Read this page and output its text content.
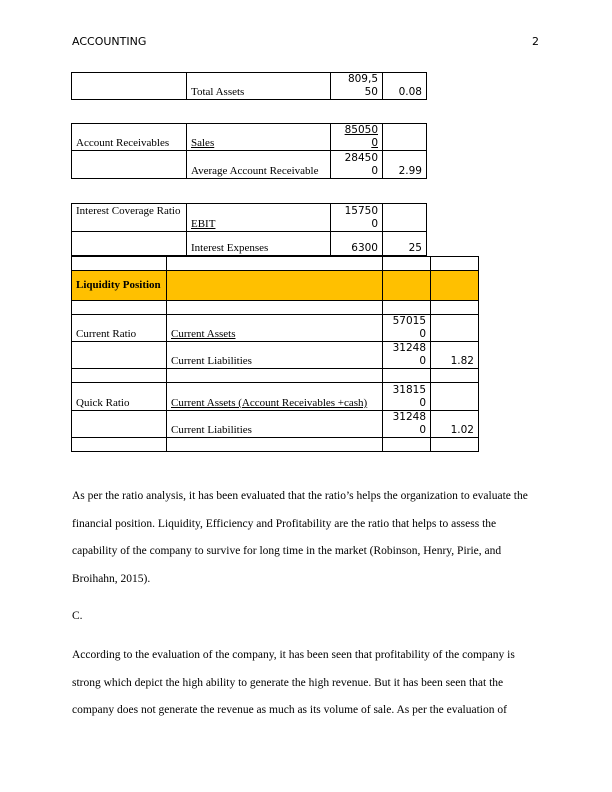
ACCOUNTING	2
	Total Assets	809,5
50	0.08
Account Receivables	Sales	85050
0	
	Average Account Receivable	28450
0	2.99
Interest Coverage Ratio	EBIT	15750
0	
	Interest Expenses	6300	25

Liquidity Position			

Current Ratio	Current Assets	57015
0	
	Current Liabilities	31248
0	1.82

Quick Ratio	Current Assets (Account Receivables +cash)	31815
0	
	Current Liabilities	31248
0	1.02

As per the ratio analysis, it has been evaluated that the ratio’s helps the organization to evaluate the financial position. Liquidity, Efficiency and Profitability are the ratio that helps to assess the capability of the company to survive for long time in the market (Robinson, Henry, Pirie, and Broihahn, 2015).
C.
According to the evaluation of the company, it has been seen that profitability of the company is strong which depict the high ability to generate the high revenue. But it has been seen that the company does not generate the revenue as much as its volume of sale. As per the evaluation of
